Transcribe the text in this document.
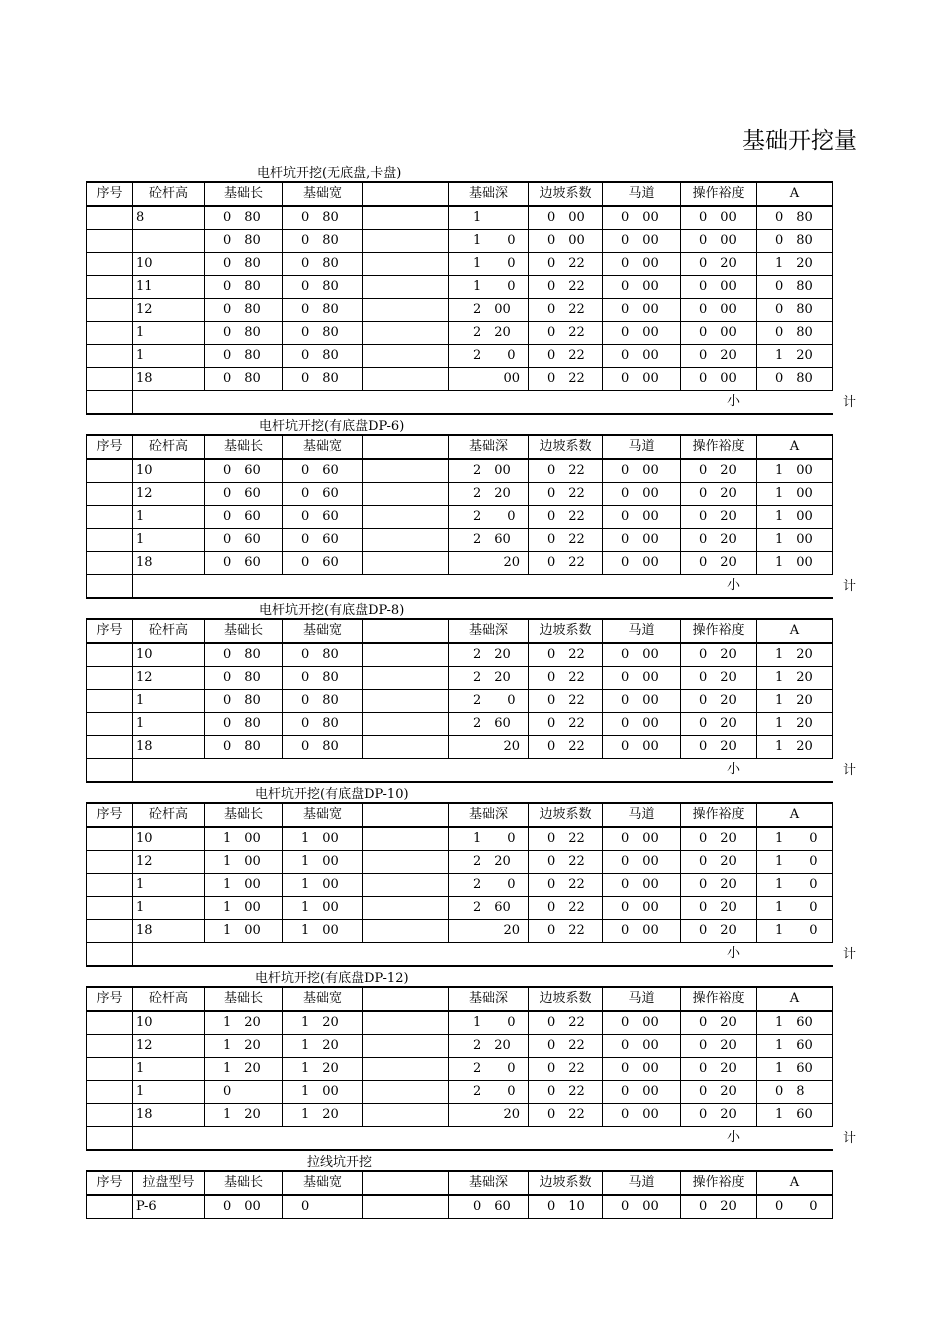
基础开挖量
电杆坑开挖(无底盘,卡盘)
序号	砼杆高	基础长	基础宽		基础深	边坡系数	马道	操作裕度	A
	8	0　80	0　80		1	0　00	0　00	0　00	0　80
		0　80	0　80		1　　0	0　00	0　00	0　00	0　80
	10	0　80	0　80		1　　0	0　22	0　00	0　20	1　20
	11	0　80	0　80		1　　0	0　22	0　00	0　00	0　80
	12	0　80	0　80		2　00	0　22	0　00	0　00	0　80
	1	0　80	0　80		2　20	0　22	0　00	0　00	0　80
	1	0　80	0　80		2　　0	0　22	0　00	0　20	1　20
	18	0　80	0　80		00	0　22	0　00	0　00	0　80

	小									计
电杆坑开挖(有底盘DP-6)
序号	砼杆高	基础长	基础宽		基础深	边坡系数	马道	操作裕度	A
	10	0　60	0　60		2　00	0　22	0　00	0　20	1　00
	12	0　60	0　60		2　20	0　22	0　00	0　20	1　00
	1	0　60	0　60		2　　0	0　22	0　00	0　20	1　00
	1	0　60	0　60		2　60	0　22	0　00	0　20	1　00
	18	0　60	0　60		20	0　22	0　00	0　20	1　00

	小									计
电杆坑开挖(有底盘DP-8)
序号	砼杆高	基础长	基础宽		基础深	边坡系数	马道	操作裕度	A
	10	0　80	0　80		2　20	0　22	0　00	0　20	1　20
	12	0　80	0　80		2　20	0　22	0　00	0　20	1　20
	1	0　80	0　80		2　　0	0　22	0　00	0　20	1　20
	1	0　80	0　80		2　60	0　22	0　00	0　20	1　20
	18	0　80	0　80		20	0　22	0　00	0　20	1　20

	小									计
电杆坑开挖(有底盘DP-10)
序号	砼杆高	基础长	基础宽		基础深	边坡系数	马道	操作裕度	A
	10	1　00	1　00		1　　0	0　22	0　00	0　20	1　　0
	12	1　00	1　00		2　20	0　22	0　00	0　20	1　　0
	1	1　00	1　00		2　　0	0　22	0　00	0　20	1　　0
	1	1　00	1　00		2　60	0　22	0　00	0　20	1　　0
	18	1　00	1　00		20	0　22	0　00	0　20	1　　0

	小									计
电杆坑开挖(有底盘DP-12)
序号	砼杆高	基础长	基础宽		基础深	边坡系数	马道	操作裕度	A
	10	1　20	1　20		1　　0	0　22	0　00	0　20	1　60
	12	1　20	1　20		2　20	0　22	0　00	0　20	1　60
	1	1　20	1　20		2　　0	0　22	0　00	0　20	1　60
	1	0	1　00		2　　0	0　22	0　00	0　20	0　8
	18	1　20	1　20		20	0　22	0　00	0　20	1　60

	小									计
拉线坑开挖
序号	拉盘型号	基础长	基础宽		基础深	边坡系数	马道	操作裕度	A
	P-6	0　00	0		0　60	0　10	0　00	0　20	0　　0
